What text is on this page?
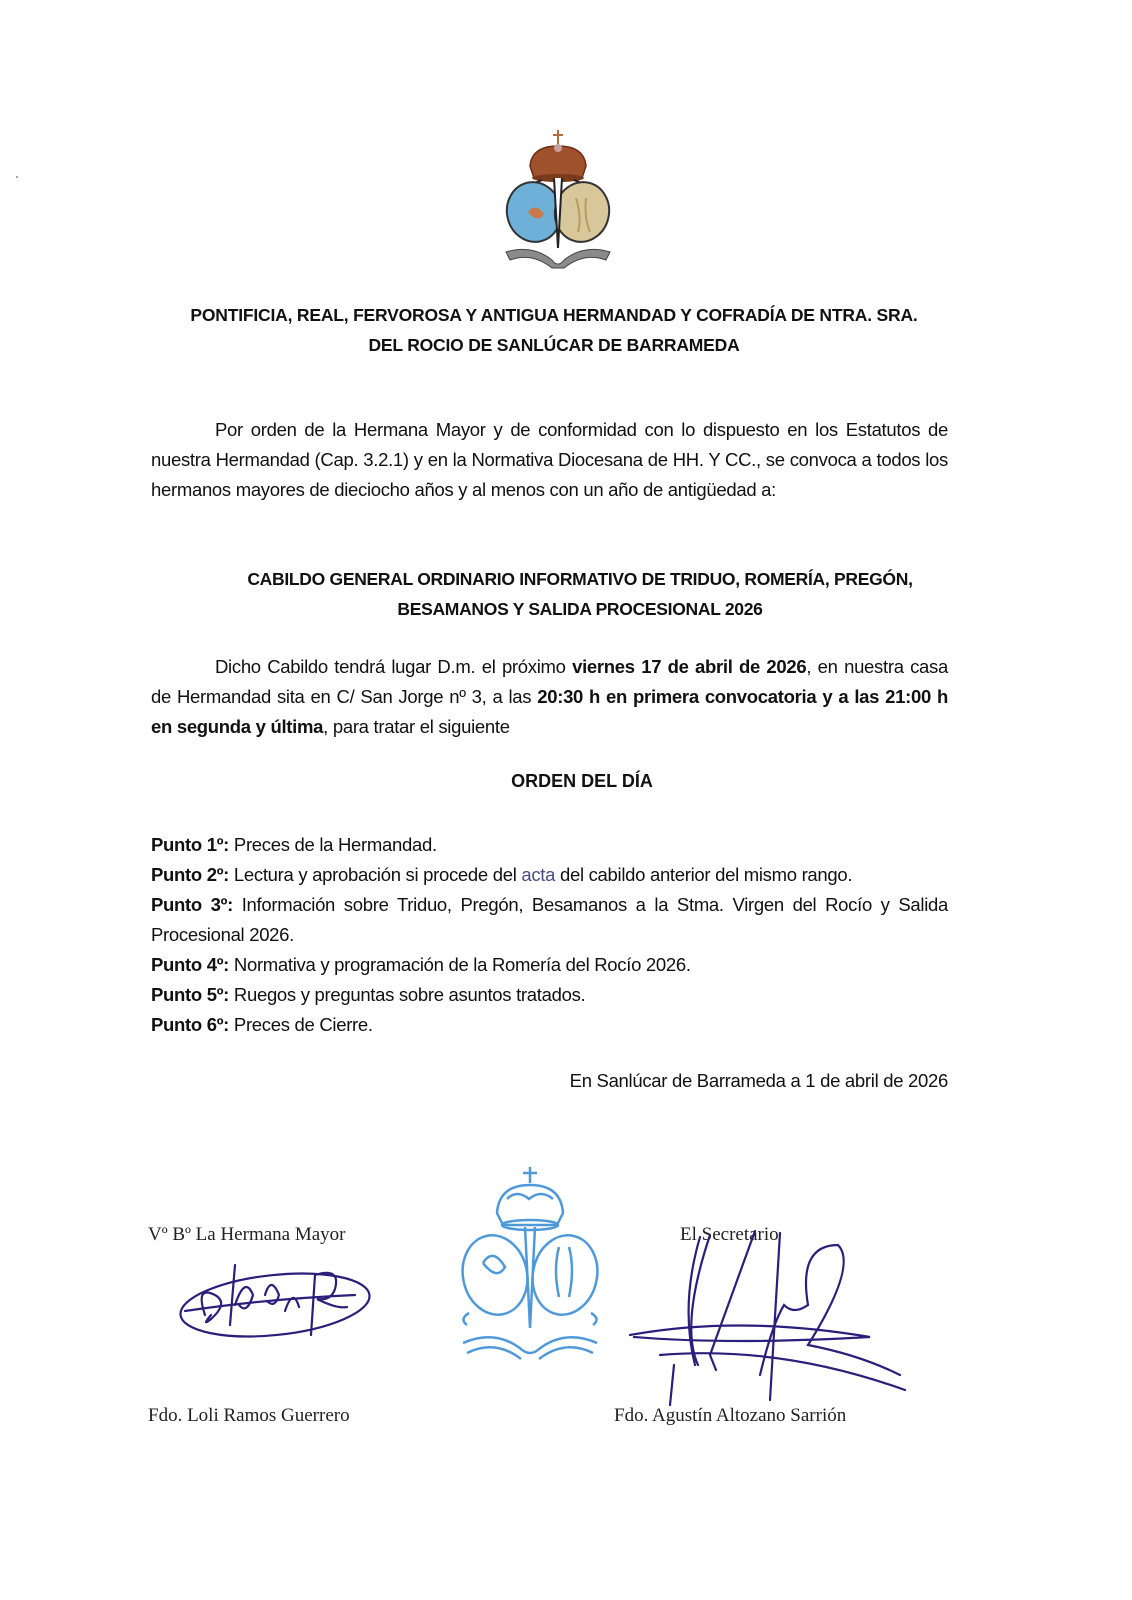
PONTIFICIA, REAL, FERVOROSA Y ANTIGUA HERMANDAD Y COFRADÍA DE NTRA. SRA.
DEL ROCIO DE SANLÚCAR DE BARRAMEDA
Por orden de la Hermana Mayor y de conformidad con lo dispuesto en los Estatutos de nuestra Hermandad (Cap. 3.2.1) y en la Normativa Diocesana de HH. Y CC., se convoca a todos los hermanos mayores de dieciocho años y al menos con un año de antigüedad a:
CABILDO GENERAL ORDINARIO INFORMATIVO DE TRIDUO, ROMERÍA, PREGÓN,
BESAMANOS Y SALIDA PROCESIONAL 2026
Dicho Cabildo tendrá lugar D.m. el próximo viernes 17 de abril de 2026, en nuestra casa de Hermandad sita en C/ San Jorge nº 3, a las 20:30 h en primera convocatoria y a las 21:00 h en segunda y última, para tratar el siguiente
ORDEN DEL DÍA
Punto 1º: Preces de la Hermandad.
Punto 2º: Lectura y aprobación si procede del acta del cabildo anterior del mismo rango.
Punto 3º: Información sobre Triduo, Pregón, Besamanos a la Stma. Virgen del Rocío y Salida Procesional 2026.
Punto 4º: Normativa y programación de la Romería del Rocío 2026.
Punto 5º: Ruegos y preguntas sobre asuntos tratados.
Punto 6º: Preces de Cierre.
En Sanlúcar de Barrameda a 1 de abril de 2026
Vº Bº La Hermana Mayor	El Secretario
Fdo. Loli Ramos Guerrero	Fdo. Agustín Altozano Sarrión
